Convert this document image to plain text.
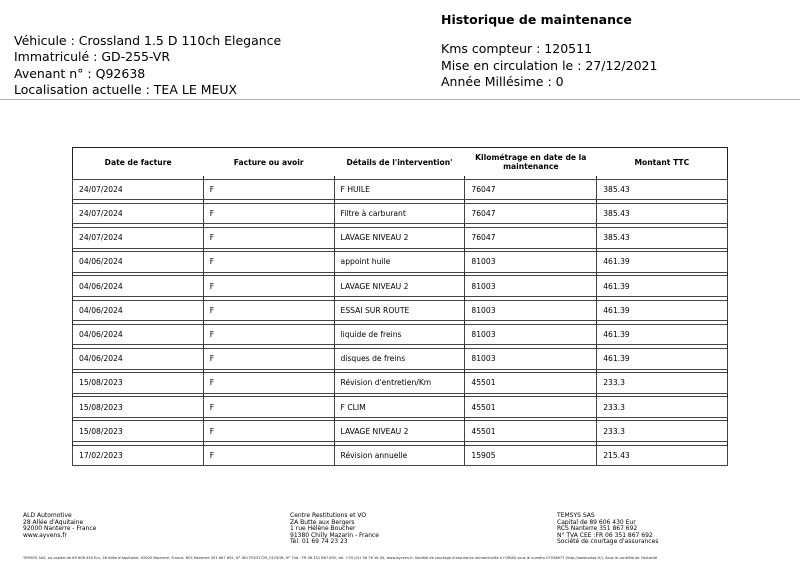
Véhicule : Crossland 1.5 D 110ch Elegance
Immatriculé : GD-255-VR
Avenant n° : Q92638
Localisation actuelle : TEA LE MEUX
Historique de maintenance
Kms compteur : 120511
Mise en circulation le : 27/12/2021
Année Millésime : 0
Date de facture	Facture ou avoir	Détails de l'intervention'	Kilométrage en date de la maintenance	Montant TTC

24/07/2024	F	F HUILE	76047	385.43

24/07/2024	F	Filtre à carburant	76047	385.43

24/07/2024	F	LAVAGE NIVEAU 2	76047	385.43

04/06/2024	F	appoint huile	81003	461.39

04/06/2024	F	LAVAGE NIVEAU 2	81003	461.39

04/06/2024	F	ESSAI SUR ROUTE	81003	461.39

04/06/2024	F	liquide de freins	81003	461.39

04/06/2024	F	disques de freins	81003	461.39

15/08/2023	F	Révision d'entretien/Km	45501	233.3

15/08/2023	F	F CLIM	45501	233.3

15/08/2023	F	LAVAGE NIVEAU 2	45501	233.3

17/02/2023	F	Révision annuelle	15905	215.43
ALD Automotive
28 Allée d'Aquitaine
92000 Nanterre - France
www.ayvens.fr
Centre Restitutions et VO
ZA Butte aux Bergers
1 rue Hélène Boucher
91380 Chilly Mazarin - France
Tél. 01 69 74 23 23
TEMSYS SAS
Capital de 89 606 430 Eur
RCS Nanterre 351 867 692
N° TVA CEE :FR 06 351 867 692
Société de courtage d'assurances
TEMSYS SAS, au capital de 89 606 430 Eur, 28 Allée d'Aquitaine, 92000 Nanterre, France, RCS Nanterre 351 867 692, N° IDU FR231725_01YSOB, N° TVA : FR 06 351 867 692, tel. +33 (0)1 56 76 18 00, www.ayvens.fr. Société de courtage d'assurance immatriculée à l'ORIAS sous le numéro 07026677 (http://www.orias.fr/). Sous le contrôle de l'Autorité
